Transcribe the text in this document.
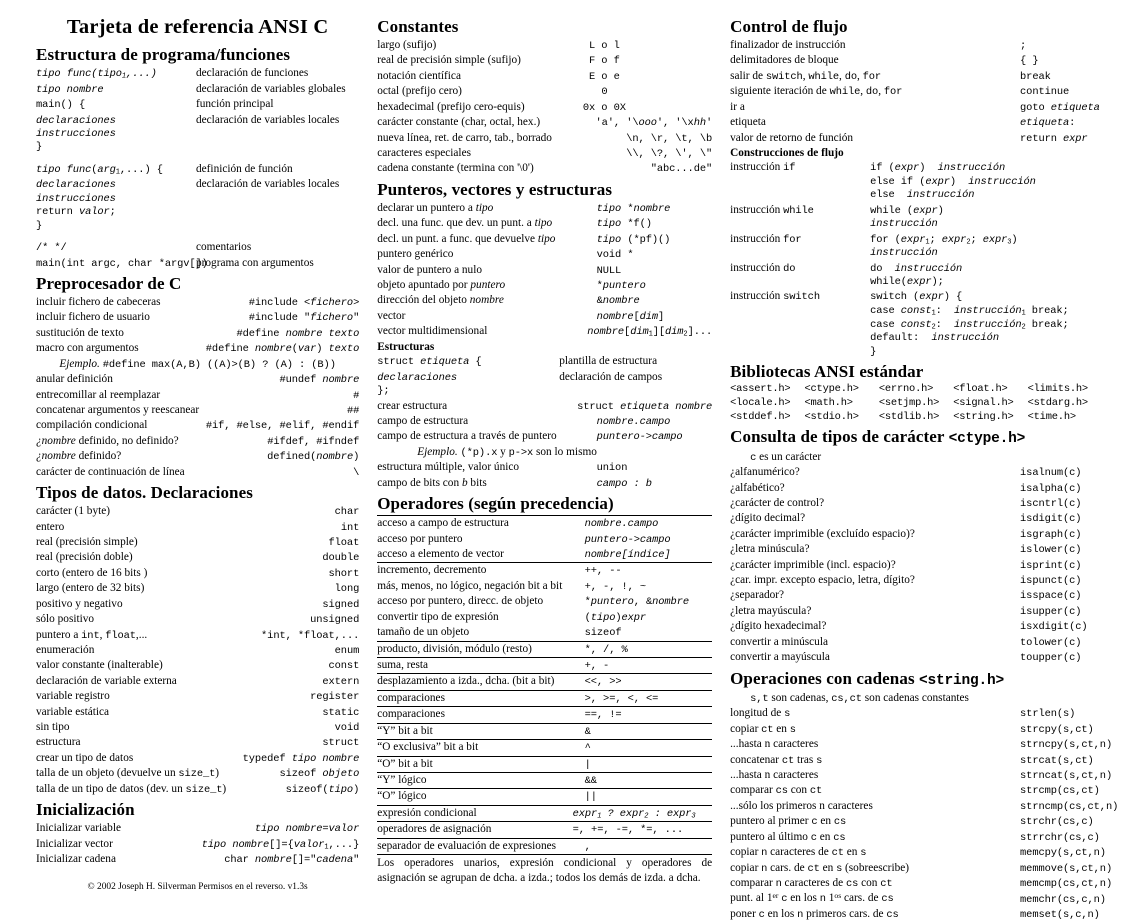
Tarjeta de referencia ANSI C
Estructura de programa/funciones
tipo func(tipo$_1$,...)	declaración de funciones
tipo nombre	declaración de variables globales
main() {	función principal
declaraciones	declaración de variables locales
instrucciones	
}	

tipo func(arg$_1$,...) {	definición de función
declaraciones	declaración de variables locales
instrucciones	
return valor;	
}	

/* */	comentarios
main(int argc, char *argv[])	programa con argumentos
Preprocesador de C
incluir fichero de cabeceras	#include <fichero>
incluir fichero de usuario	#include "fichero"
sustitución de texto	#define nombre texto
macro con argumentos	#define nombre(var) texto
Ejemplo. #define max(A,B) ((A)>(B) ? (A) : (B))	
anular definición	#undef nombre
entrecomillar al reemplazar	#
concatenar argumentos y reescanear	##
compilación condicional	#if, #else, #elif, #endif
¿nombre definido, no definido?	#ifdef, #ifndef
¿nombre definido?	defined(nombre)
carácter de continuación de línea	\
Tipos de datos. Declaraciones
carácter (1 byte)	char
entero	int
real (precisión simple)	float
real (precisión doble)	double
corto (entero de 16 bits )	short
largo (entero de 32 bits)	long
positivo y negativo	signed
sólo positivo	unsigned
puntero a int, float,...	*int, *float,...
enumeración	enum
valor constante (inalterable)	const
declaración de variable externa	extern
variable registro	register
variable estática	static
sin tipo	void
estructura	struct
crear un tipo de datos	typedef tipo nombre
talla de un objeto (devuelve un size_t)	sizeof objeto
talla de un tipo de datos (dev. un size_t)	sizeof(tipo)
Inicialización
Inicializar variable	tipo nombre=valor
Inicializar vector	tipo nombre[]={valor$_1$,...}
Inicializar cadena	char nombre[]="cadena"
© 2002 Joseph H. Silverman Permisos en el reverso. v1.3s
Constantes
largo (sufijo)	L o l
real de precisión simple (sufijo)	F o f
notación científica	E o e
octal (prefijo cero)	0
hexadecimal (prefijo cero-equis)	0x o 0X
carácter constante (char, octal, hex.)	'a', '\ooo', '\xhh'
nueva línea, ret. de carro, tab., borrado	\n, \r, \t, \b
caracteres especiales	\\, \?, \', \"
cadena constante (termina con '\0')	"abc...de"
Punteros, vectores y estructuras
declarar un puntero a tipo	tipo *nombre
decl. una func. que dev. un punt. a tipo	tipo *f()
decl. un punt. a func. que devuelve tipo	tipo (*pf)()
puntero genérico	void *
valor de puntero a nulo	NULL
objeto apuntado por puntero	*puntero
dirección del objeto nombre	&nombre
vector	nombre[dim]
vector multidimensional	nombre[dim$_1$][dim$_2$]...
Estructuras
struct etiqueta {	plantilla de estructura
declaraciones	declaración de campos
};	
crear estructura	struct etiqueta nombre
campo de estructura	nombre.campo
campo de estructura a través de puntero	puntero->campo
Ejemplo. (*p).x y p->x son lo mismo	
estructura múltiple, valor único	union
campo de bits con b bits	campo : b
Operadores (según precedencia)
acceso a campo de estructura	nombre.campo
acceso por puntero	puntero->campo
acceso a elemento de vector	nombre[índice]
incremento, decremento	++, --
más, menos, no lógico, negación bit a bit	+, -, !, ~
acceso por puntero, direcc. de objeto	*puntero, &nombre
convertir tipo de expresión	(tipo)expr
tamaño de un objeto	sizeof
producto, división, módulo (resto)	*, /, %
suma, resta	+, -
desplazamiento a izda., dcha. (bit a bit)	<<, >>
comparaciones	>, >=, <, <=
comparaciones	==, !=
“Y” bit a bit	&
“O exclusiva” bit a bit	^
“O” bit a bit	|
“Y” lógico	&&
“O” lógico	||
expresión condicional	expr$_1$ ? expr$_2$ : expr$_3$
operadores de asignación	=, +=, -=, *=, ...
separador de evaluación de expresiones	,
Los operadores unarios, expresión condicional y operadores de asignación se agrupan de dcha. a izda.; todos los demás de izda. a dcha.
Control de flujo
finalizador de instrucción	;
delimitadores de bloque	{ }
salir de switch, while, do, for	break
siguiente iteración de while, do, for	continue
ir a	goto etiqueta
etiqueta	etiqueta:
valor de retorno de función	return expr
Construcciones de flujo
instrucción if	if (expr)  instrucción
	else if (expr)  instrucción
	else  instrucción
instrucción while	while (expr)
	instrucción
instrucción for	for (expr$_1$; expr$_2$; expr$_3$)
	instrucción
instrucción do	do  instrucción
	while(expr);
instrucción switch	switch (expr) {
	case const$_1$:  instrucción$_1$ break;
	case const$_2$:  instrucción$_2$ break;
	default:  instrucción
	}
Bibliotecas ANSI estándar
<assert.h>	<ctype.h>	<errno.h>	<float.h>	<limits.h>
<locale.h>	<math.h>	<setjmp.h>	<signal.h>	<stdarg.h>
<stddef.h>	<stdio.h>	<stdlib.h>	<string.h>	<time.h>
Consulta de tipos de carácter <ctype.h>
c es un carácter
¿alfanumérico?	isalnum(c)
¿alfabético?	isalpha(c)
¿carácter de control?	iscntrl(c)
¿dígito decimal?	isdigit(c)
¿carácter imprimible (excluído espacio)?	isgraph(c)
¿letra minúscula?	islower(c)
¿carácter imprimible (incl. espacio)?	isprint(c)
¿car. impr. excepto espacio, letra, dígito?	ispunct(c)
¿separador?	isspace(c)
¿letra mayúscula?	isupper(c)
¿dígito hexadecimal?	isxdigit(c)
convertir a minúscula	tolower(c)
convertir a mayúscula	toupper(c)
Operaciones con cadenas <string.h>
s,t son cadenas, cs,ct son cadenas constantes
longitud de s	strlen(s)
copiar ct en s	strcpy(s,ct)
...hasta n caracteres	strncpy(s,ct,n)
concatenar ct tras s	strcat(s,ct)
...hasta n caracteres	strncat(s,ct,n)
comparar cs con ct	strcmp(cs,ct)
...sólo los primeros n caracteres	strncmp(cs,ct,n)
puntero al primer c en cs	strchr(cs,c)
puntero al último c en cs	strrchr(cs,c)
copiar n caracteres de ct en s	memcpy(s,ct,n)
copiar n cars. de ct en s (sobreescribe)	memmove(s,ct,n)
comparar n caracteres de cs con ct	memcmp(cs,ct,n)
punt. al 1er c en los n $1^{os}$ cars. de cs	memchr(cs,c,n)
poner c en los n primeros cars. de cs	memset(s,c,n)
